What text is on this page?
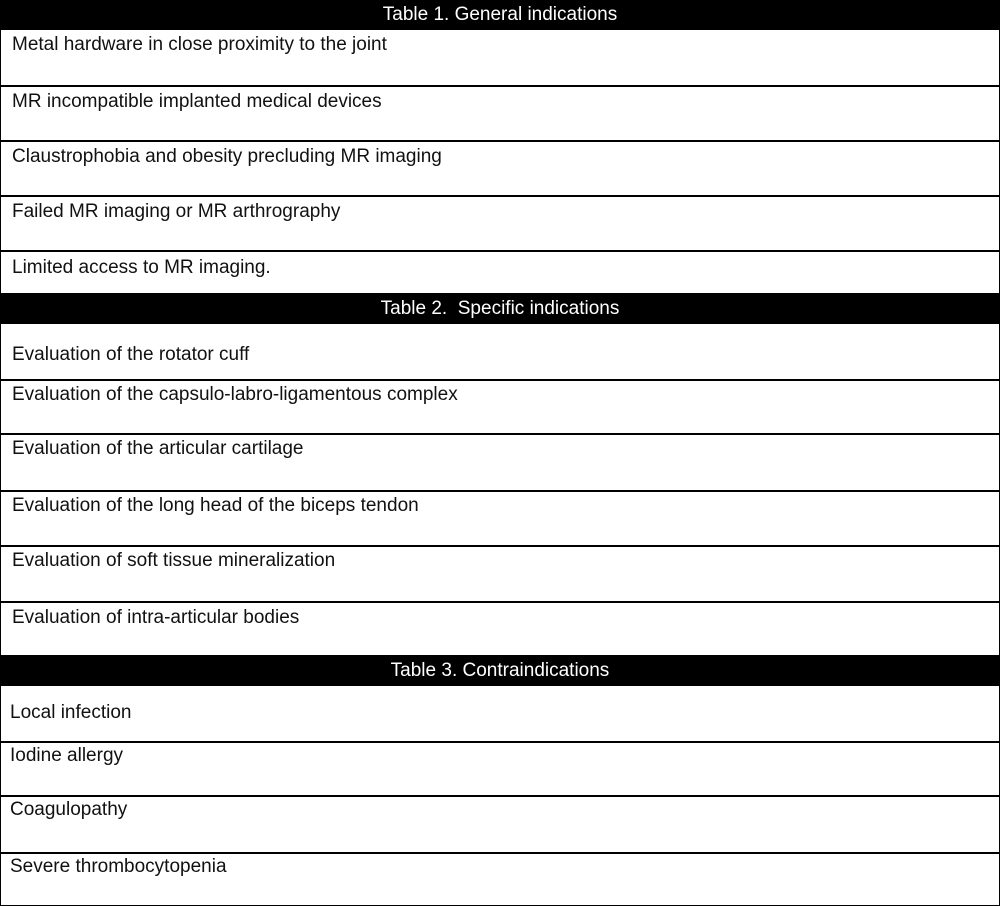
Table 1. General indications
Metal hardware in close proximity to the joint
MR incompatible implanted medical devices
Claustrophobia and obesity precluding MR imaging
Failed MR imaging or MR arthrography
Limited access to MR imaging.
Table 2.  Specific indications
Evaluation of the rotator cuff
Evaluation of the capsulo-labro-ligamentous complex
Evaluation of the articular cartilage
Evaluation of the long head of the biceps tendon
Evaluation of soft tissue mineralization
Evaluation of intra-articular bodies
Table 3. Contraindications
Local infection
Iodine allergy
Coagulopathy
Severe thrombocytopenia
